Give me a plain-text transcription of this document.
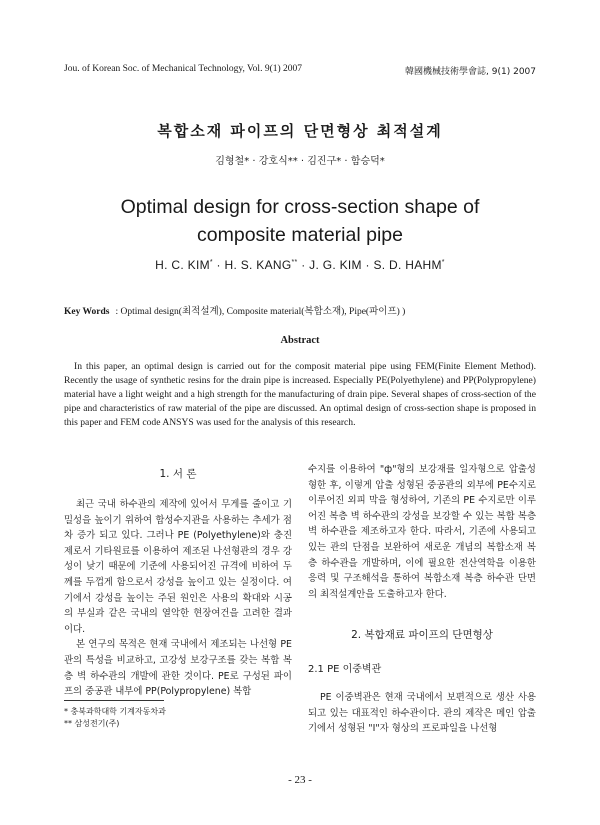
Jou. of Korean Soc. of Mechanical Technology, Vol. 9(1) 2007	韓國機械技術學會誌, 9(1) 2007
복합소재 파이프의 단면형상 최적설계
김형철* · 강호식** · 김진구* · 함승덕*
Optimal design for cross-section shape of
composite material pipe
H. C. KIM* · H. S. KANG** · J. G. KIM · S. D. HAHM*
Key Words : Optimal design(최적설계), Composite material(복합소재), Pipe(파이프) )
Abstract
In this paper, an optimal design is carried out for the composit material pipe using FEM(Finite Element Method). Recently the usage of synthetic resins for the drain pipe is increased. Especially PE(Polyethylene) and PP(Polypropylene) material have a light weight and a high strength for the manufacturing of drain pipe. Several shapes of cross-section of the pipe and characteristics of raw material of the pipe are discussed. An optimal design of cross-section shape is proposed in this paper and FEM code ANSYS was used for the analysis of this research.
1. 서 론

최근 국내 하수관의 제작에 있어서 무게를 줄이고 기밀성을 높이기 위하여 합성수지관을 사용하는 추세가 점차 증가 되고 있다. 그러나 PE (Polyethylene)와 충진제로서 기타원료를 이용하여 제조된 나선형관의 경우 강성이 낮기 때문에 기준에 사용되어진 규격에 비하여 두께를 두껍게 함으로서 강성을 높이고 있는 실정이다. 여기에서 강성을 높이는 주된 원인은 사용의 확대와 시공의 부실과 같은 국내의 열악한 현장여건을 고려한 결과이다.

본 연구의 목적은 현재 국내에서 제조되는 나선형 PE관의 특성을 비교하고, 고강성 보강구조를 갖는 복합 복층 벽 하수관의 개발에 관한 것이다. PE로 구성된 파이프의 중공관 내부에 PP(Polypropylene) 복합

수지를 이용하여 "ф"형의 보강재를 일자형으로 압출성형한 후, 이렇게 압출 성형된 중공관의 외부에 PE수지로 이루어진 외피 막을 형성하여, 기존의 PE 수지로만 이루어진 복층 벽 하수관의 강성을 보강할 수 있는 복합 복층 벽 하수관을 제조하고자 한다. 따라서, 기존에 사용되고 있는 관의 단점을 보완하여 새로운 개념의 복합소재 복층 하수관을 개발하며, 이에 필요한 전산역학을 이용한 응력 및 구조해석을 통하여 복합소재 복층 하수관 단면의 최적설계안을 도출하고자 한다.

2. 복합재료 파이프의 단면형상
2.1 PE 이중벽관

PE 이중벽관은 현재 국내에서 보편적으로 생산 사용되고 있는 대표적인 하수관이다. 관의 제작은 메인 압출기에서 성형된 "I"자 형상의 프로파일을 나선형

* 충북과학대학 기계자동차과
** 삼성전기(주)
- 23 -
